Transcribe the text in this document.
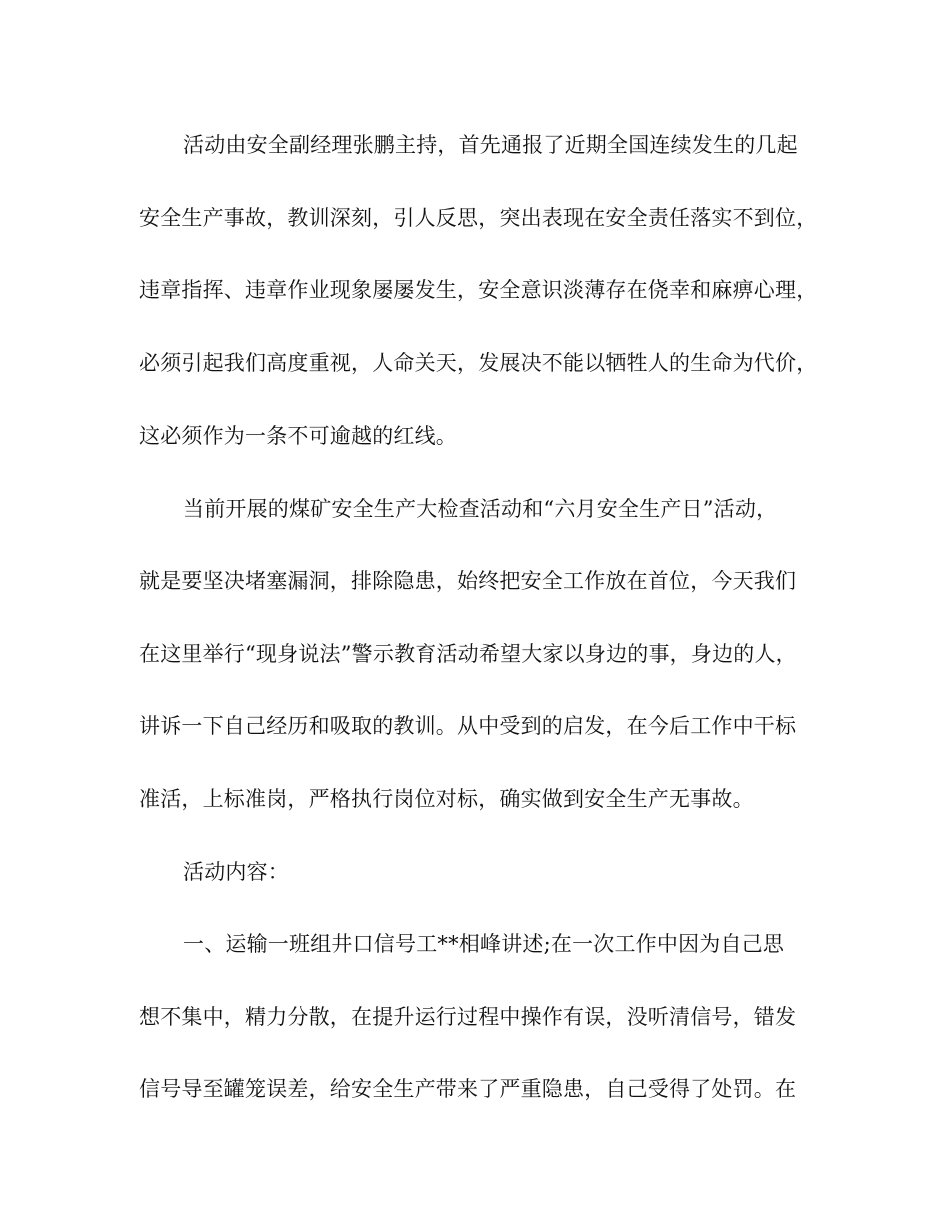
活动由安全副经理张鹏主持，首先通报了近期全国连续发生的几起
安全生产事故，教训深刻，引人反思，突出表现在安全责任落实不到位，
违章指挥、违章作业现象屡屡发生，安全意识淡薄存在侥幸和麻痹心理，
必须引起我们高度重视，人命关天，发展决不能以牺牲人的生命为代价，
这必须作为一条不可逾越的红线。
当前开展的煤矿安全生产大检查活动和“六月安全生产日”活动，
就是要坚决堵塞漏洞，排除隐患，始终把安全工作放在首位，今天我们
在这里举行“现身说法”警示教育活动希望大家以身边的事，身边的人，
讲诉一下自己经历和吸取的教训。从中受到的启发，在今后工作中干标
准活，上标准岗，严格执行岗位对标，确实做到安全生产无事故。
活动内容：
一、运输一班组井口信号工**相峰讲述;在一次工作中因为自己思
想不集中，精力分散，在提升运行过程中操作有误，没听清信号，错发
信号导至罐笼误差，给安全生产带来了严重隐患，自己受得了处罚。在
